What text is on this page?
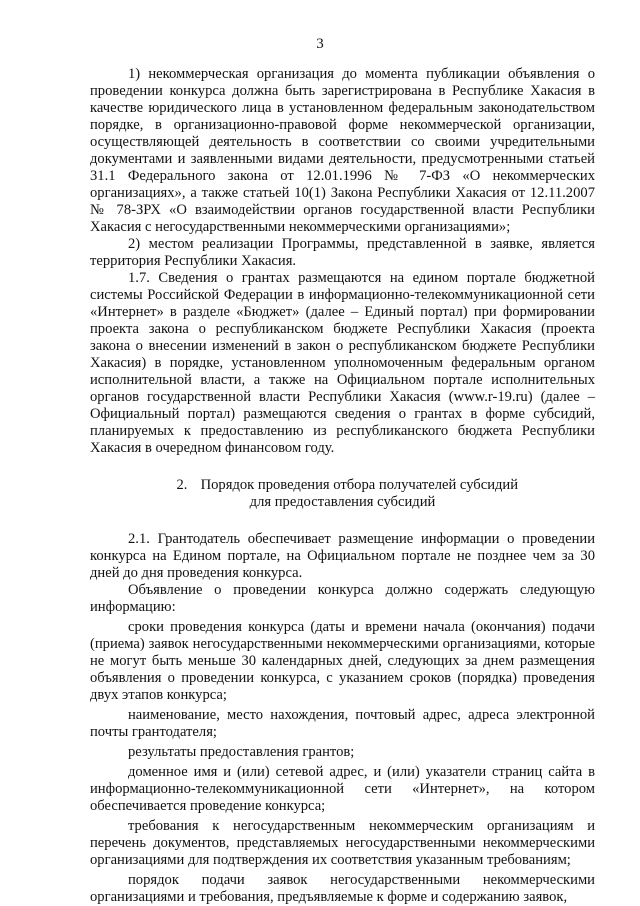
3

1) некоммерческая организация до момента публикации объявления о проведении конкурса должна быть зарегистрирована в Республике Хакасия в качестве юридического лица в установленном федеральным законодательством порядке, в организационно-правовой форме некоммерческой организации, осуществляющей деятельность в соответствии со своими учредительными документами и заявленными видами деятельности, предусмотренными статьей 31.1 Федерального закона от 12.01.1996 № 7-ФЗ «О некоммерческих организациях», а также статьей 10(1) Закона Республики Хакасия от 12.11.2007 № 78-ЗРХ «О взаимодействии органов государственной власти Республики Хакасия с негосударственными некоммерческими организациями»;

2) местом реализации Программы, представленной в заявке, является территория Республики Хакасия.

1.7. Сведения о грантах размещаются на едином портале бюджетной системы Российской Федерации в информационно-телекоммуникационной сети «Интернет» в разделе «Бюджет» (далее – Единый портал) при формировании проекта закона о республиканском бюджете Республики Хакасия (проекта закона о внесении изменений в закон о республиканском бюджете Республики Хакасия) в порядке, установленном уполномоченным федеральным органом исполнительной власти, а также на Официальном портале исполнительных органов государственной власти Республики Хакасия (www.r-19.ru) (далее – Официальный портал) размещаются сведения о грантах в форме субсидий, планируемых к предоставлению из республиканского бюджета Республики Хакасия в очередном финансовом году.

2. Порядок проведения отбора получателей субсидий
для предоставления субсидий

2.1. Грантодатель обеспечивает размещение информации о проведении конкурса на Едином портале, на Официальном портале не позднее чем за 30 дней до дня проведения конкурса.

Объявление о проведении конкурса должно содержать следующую информацию:

сроки проведения конкурса (даты и времени начала (окончания) подачи (приема) заявок негосударственными некоммерческими организациями, которые не могут быть меньше 30 календарных дней, следующих за днем размещения объявления о проведении конкурса, с указанием сроков (порядка) проведения двух этапов конкурса;

наименование, место нахождения, почтовый адрес, адреса электронной почты грантодателя;

результаты предоставления грантов;

доменное имя и (или) сетевой адрес, и (или) указатели страниц сайта в информационно-телекоммуникационной сети «Интернет», на котором обеспечивается проведение конкурса;

требования к негосударственным некоммерческим организациям и перечень документов, представляемых негосударственными некоммерческими организациями для подтверждения их соответствия указанным требованиям;

порядок подачи заявок негосударственными некоммерческими организациями и требования, предъявляемые к форме и содержанию заявок,
